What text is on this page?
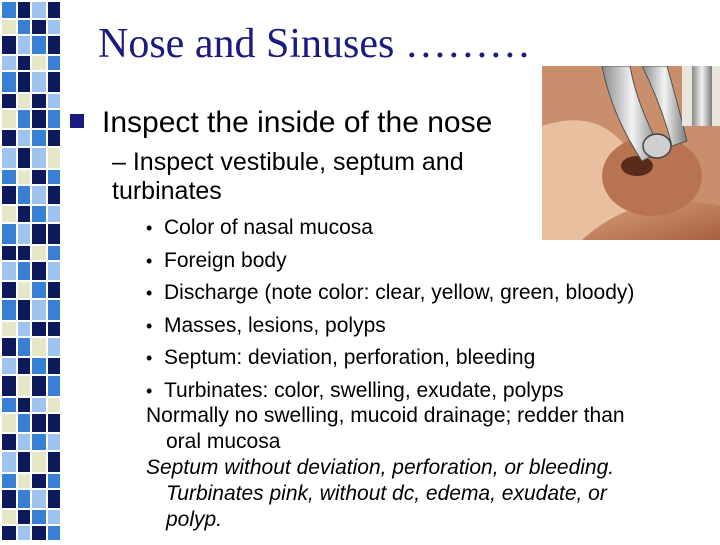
Nose and Sinuses ………
Inspect the inside of the nose
– Inspect vestibule, septum and turbinates
• Color of nasal mucosa
• Foreign body
• Discharge (note color: clear, yellow, green, bloody)
• Masses, lesions, polyps
• Septum: deviation, perforation, bleeding
• Turbinates: color, swelling, exudate, polyps
Normally no swelling, mucoid drainage; redder than
oral mucosa
Septum without deviation, perforation, or bleeding.
Turbinates pink, without dc, edema, exudate, or
polyp.
